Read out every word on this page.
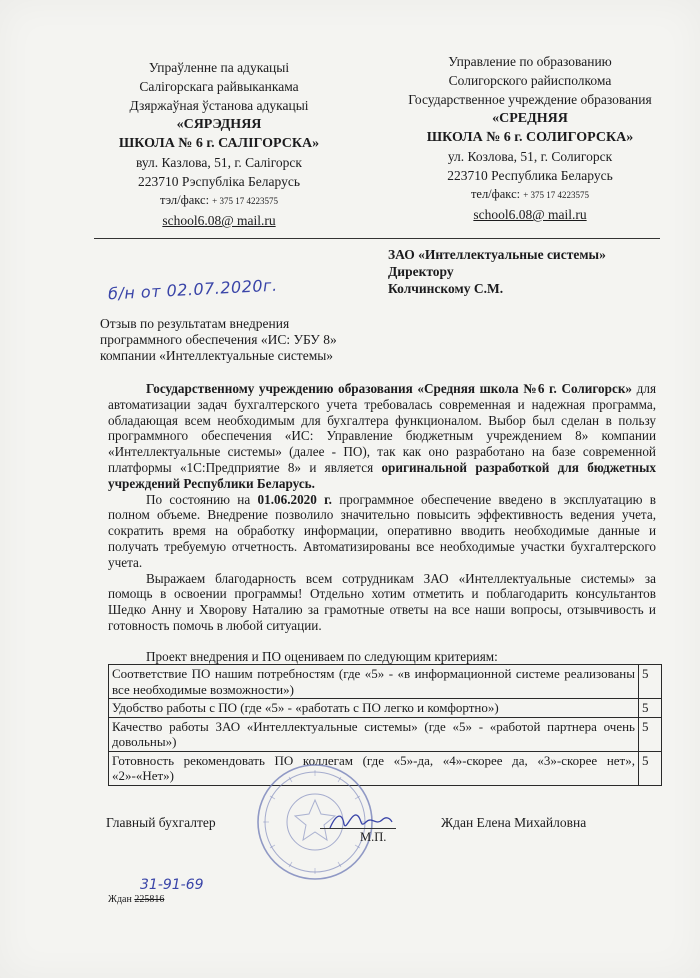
Упраўленне па адукацыі
Салігорскага райвыканкама
Дзяржаўная ўстанова адукацыі
«СЯРЭДНЯЯ
ШКОЛА № 6 г. САЛІГОРСКА»
вул. Казлова, 51, г. Салігорск
223710 Рэспубліка Беларусь
тэл/факс: + 375 17 4223575
school6.08@ mail.ru
Управление по образованию
Солигорского райисполкома
Государственное учреждение образования
«СРЕДНЯЯ
ШКОЛА № 6 г. СОЛИГОРСКА»
ул. Козлова, 51, г. Солигорск
223710 Республика Беларусь
тел/факс: + 375 17 4223575
school6.08@ mail.ru
ЗАО «Интеллектуальные системы»
Директору
Колчинскому С.М.
б/н от 02.07.2020г.
Отзыв по результатам внедрения
программного обеспечения «ИС: УБУ 8»
компании «Интеллектуальные системы»

Государственному учреждению образования «Средняя школа №6 г. Солигорск» для автоматизации задач бухгалтерского учета требовалась современная и надежная программа, обладающая всем необходимым для бухгалтера функционалом. Выбор был сделан в пользу программного обеспечения «ИС: Управление бюджетным учреждением 8» компании «Интеллектуальные системы» (далее - ПО), так как оно разработано на базе современной платформы «1С:Предприятие 8» и является оригинальной разработкой для бюджетных учреждений Республики Беларусь.

По состоянию на 01.06.2020 г. программное обеспечение введено в эксплуатацию в полном объеме. Внедрение позволило значительно повысить эффективность ведения учета, сократить время на обработку информации, оперативно вводить необходимые данные и получать требуемую отчетность. Автоматизированы все необходимые участки бухгалтерского учета.

Выражаем благодарность всем сотрудникам ЗАО «Интеллектуальные системы» за помощь в освоении программы! Отдельно хотим отметить и поблагодарить консультантов Шедко Анну и Хворову Наталию за грамотные ответы на все наши вопросы, отзывчивость и готовность помочь в любой ситуации.

Проект внедрения и ПО оцениваем по следующим критериям:
Соответствие ПО нашим потребностям (где «5» - «в информационной системе реализованы все необходимые возможности»)	5
Удобство работы с ПО (где «5» - «работать с ПО легко и комфортно»)	5
Качество работы ЗАО «Интеллектуальные системы» (где «5» - «работой партнера очень довольны»)	5
Готовность рекомендовать ПО коллегам (где «5»-да, «4»-скорее да, «3»-скорее нет», «2»-«Нет»)	5
Главный бухгалтер
М.П.
Ждан Елена Михайловна
31-91-69
Ждан 225816
